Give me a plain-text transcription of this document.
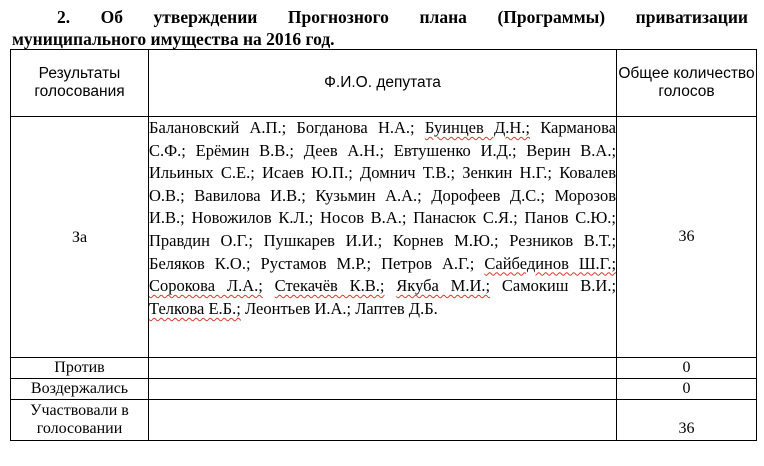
2. Об утверждении Прогнозного плана (Программы) приватизации
муниципального имущества на 2016 год.
Результаты голосования	Ф.И.О. депутата	Общее количество голосов
За	Балановский А.П.; Богданова Н.А.; Буинцев Д.Н.; Карманова С.Ф.; Ерёмин В.В.; Деев А.Н.; Евтушенко И.Д.; Верин В.А.; Ильиных С.Е.; Исаев Ю.П.; Домнич Т.В.; Зенкин Н.Г.; Ковалев О.В.; Вавилова И.В.; Кузьмин А.А.; Дорофеев Д.С.; Морозов И.В.; Новожилов К.Л.; Носов В.А.; Панасюк С.Я.; Панов С.Ю.; Правдин О.Г.; Пушкарев И.И.; Корнев М.Ю.; Резников В.Т.; Беляков К.О.; Рустамов М.Р.; Петров А.Г.; Сайбединов Ш.Г.; Сорокова Л.А.; Стекачёв К.В.; Якуба М.И.; Самокиш В.И.; Телкова Е.Б.; Леонтьев И.А.; Лаптев Д.Б.	36
Против		0
Воздержались		0
Участвовали в голосовании		36
